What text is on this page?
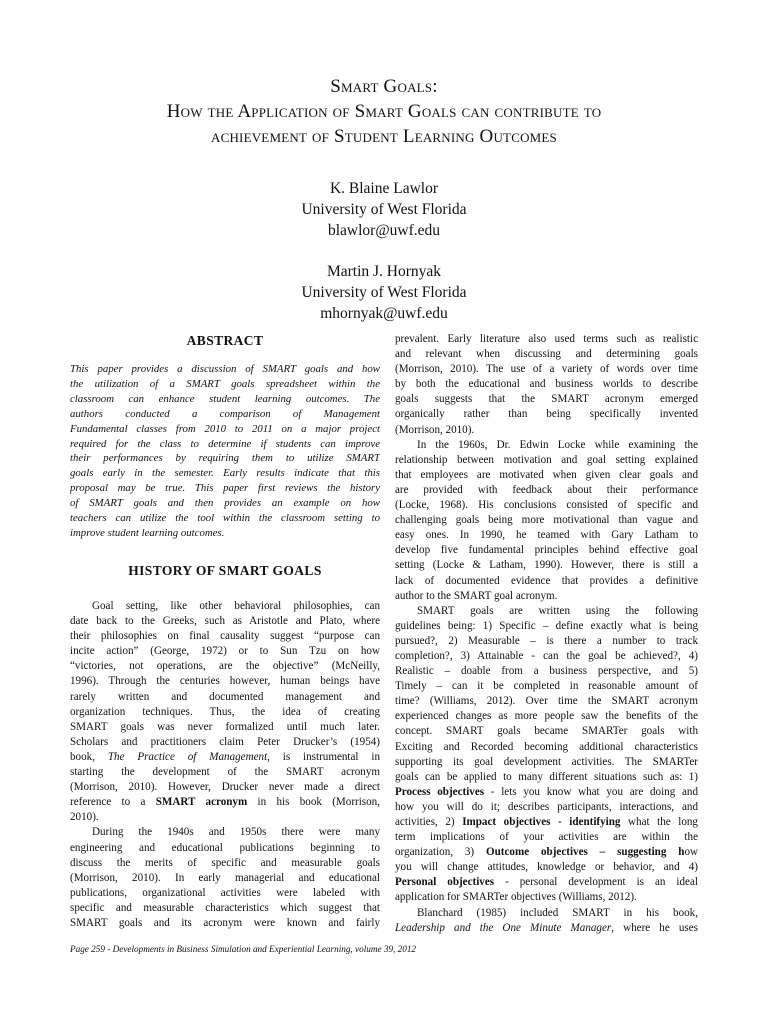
Smart Goals:
How the Application of Smart Goals can contribute to
achievement of Student Learning Outcomes
K. Blaine Lawlor
University of West Florida
blawlor@uwf.edu
Martin J. Hornyak
University of West Florida
mhornyak@uwf.edu
ABSTRACT
This paper provides a discussion of SMART goals and how
the utilization of a SMART goals spreadsheet within the
classroom can enhance student learning outcomes. The
authors conducted a comparison of Management
Fundamental classes from 2010 to 2011 on a major project
required for the class to determine if students can improve
their performances by requiring them to utilize SMART
goals early in the semester. Early results indicate that this
proposal may be true. This paper first reviews the history
of SMART goals and then provides an example on how
teachers can utilize the tool within the classroom setting to
improve student learning outcomes.
HISTORY OF SMART GOALS
Goal setting, like other behavioral philosophies, can
date back to the Greeks, such as Aristotle and Plato, where
their philosophies on final causality suggest “purpose can
incite action” (George, 1972) or to Sun Tzu on how
“victories, not operations, are the objective” (McNeilly,
1996). Through the centuries however, human beings have
rarely written and documented management and
organization techniques. Thus, the idea of creating
SMART goals was never formalized until much later.
Scholars and practitioners claim Peter Drucker’s (1954)
book, The Practice of Management, is instrumental in
starting the development of the SMART acronym
(Morrison, 2010). However, Drucker never made a direct
reference to a SMART acronym in his book (Morrison,
2010).
During the 1940s and 1950s there were many
engineering and educational publications beginning to
discuss the merits of specific and measurable goals
(Morrison, 2010). In early managerial and educational
publications, organizational activities were labeled with
specific and measurable characteristics which suggest that
SMART goals and its acronym were known and fairly
prevalent. Early literature also used terms such as realistic
and relevant when discussing and determining goals
(Morrison, 2010). The use of a variety of words over time
by both the educational and business worlds to describe
goals suggests that the SMART acronym emerged
organically rather than being specifically invented
(Morrison, 2010).
In the 1960s, Dr. Edwin Locke while examining the
relationship between motivation and goal setting explained
that employees are motivated when given clear goals and
are provided with feedback about their performance
(Locke, 1968). His conclusions consisted of specific and
challenging goals being more motivational than vague and
easy ones. In 1990, he teamed with Gary Latham to
develop five fundamental principles behind effective goal
setting (Locke & Latham, 1990). However, there is still a
lack of documented evidence that provides a definitive
author to the SMART goal acronym.
SMART goals are written using the following
guidelines being: 1) Specific – define exactly what is being
pursued?, 2) Measurable – is there a number to track
completion?, 3) Attainable - can the goal be achieved?, 4)
Realistic – doable from a business perspective, and 5)
Timely – can it be completed in reasonable amount of
time? (Williams, 2012). Over time the SMART acronym
experienced changes as more people saw the benefits of the
concept. SMART goals became SMARTer goals with
Exciting and Recorded becoming additional characteristics
supporting its goal development activities. The SMARTer
goals can be applied to many different situations such as: 1)
Process objectives - lets you know what you are doing and
how you will do it; describes participants, interactions, and
activities, 2) Impact objectives - identifying what the long
term implications of your activities are within the
organization, 3) Outcome objectives – suggesting how
you will change attitudes, knowledge or behavior, and 4)
Personal objectives - personal development is an ideal
application for SMARTer objectives (Williams, 2012).
Blanchard (1985) included SMART in his book,
Leadership and the One Minute Manager, where he uses
Page 259 - Developments in Business Simulation and Experiential Learning, volume 39, 2012
